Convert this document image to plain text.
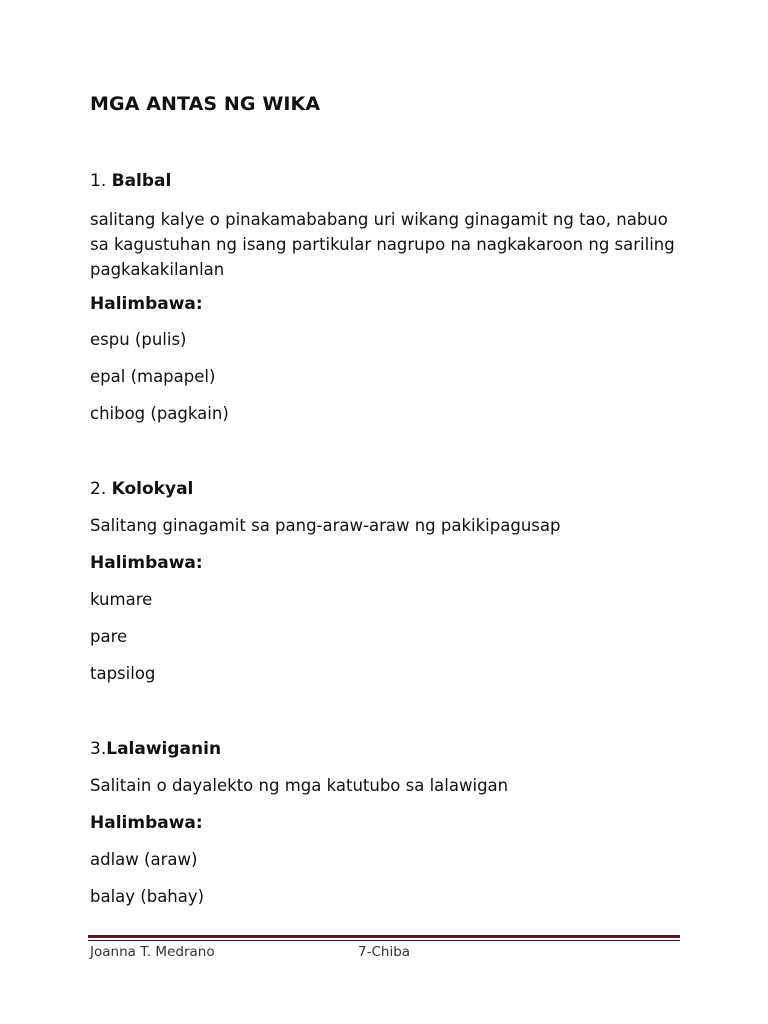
MGA ANTAS NG WIKA
1. Balbal

salitang kalye o pinakamababang uri wikang ginagamit ng tao, nabuo sa kagustuhan ng isang partikular nagrupo na nagkakaroon ng sariling pagkakakilanlan

Halimbawa:
espu (pulis)
epal (mapapel)
chibog (pagkain)
2. Kolokyal
Salitang ginagamit sa pang-araw-araw ng pakikipagusap
Halimbawa:
kumare
pare
tapsilog
3.Lalawiganin
Salitain o dayalekto ng mga katutubo sa lalawigan
Halimbawa:
adlaw (araw)
balay (bahay)
Joanna T. Medrano	7-Chiba
